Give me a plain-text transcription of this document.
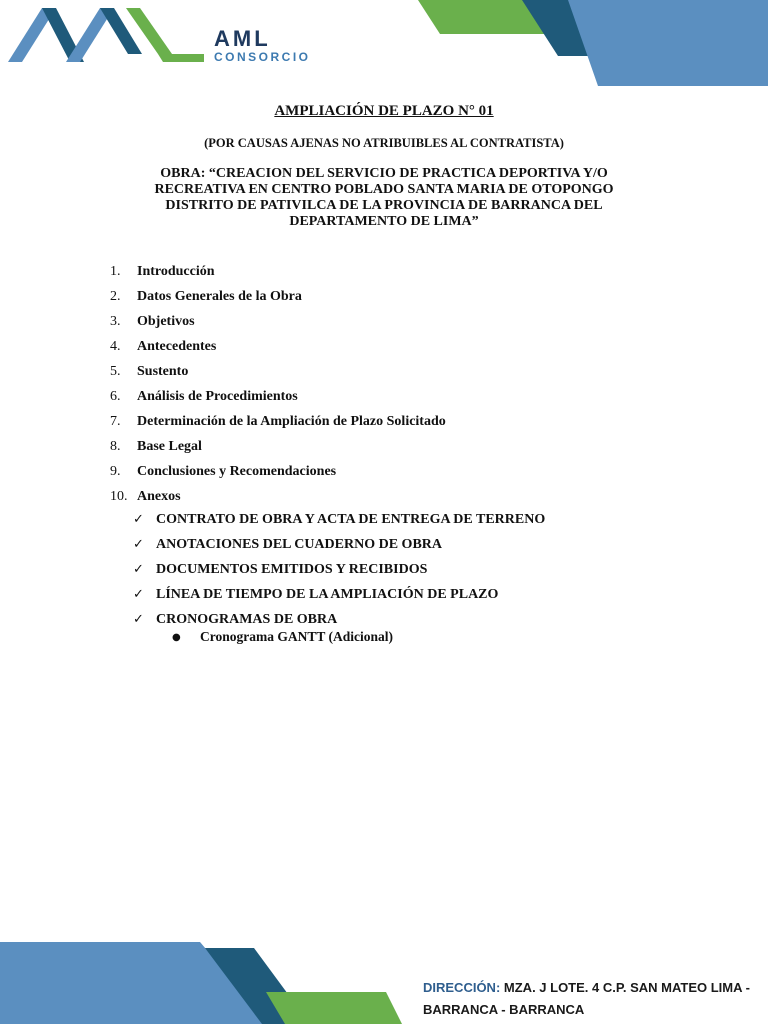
AML
CONSORCIO
AMPLIACIÓN DE PLAZO N° 01
(POR CAUSAS AJENAS NO ATRIBUIBLES AL CONTRATISTA)
OBRA: “CREACION DEL SERVICIO DE PRACTICA DEPORTIVA Y/O RECREATIVA EN CENTRO POBLADO SANTA MARIA DE OTOPONGO DISTRITO DE PATIVILCA DE LA PROVINCIA DE BARRANCA DEL DEPARTAMENTO DE LIMA”
1.	Introducción
2.	Datos Generales de la Obra
3.	Objetivos
4.	Antecedentes
5.	Sustento
6.	Análisis de Procedimientos
7.	Determinación de la Ampliación de Plazo Solicitado
8.	Base Legal
9.	Conclusiones y Recomendaciones
10. Anexos
✓ CONTRATO DE OBRA Y ACTA DE ENTREGA DE TERRENO
✓ ANOTACIONES DEL CUADERNO DE OBRA
✓ DOCUMENTOS EMITIDOS Y RECIBIDOS
✓ LÍNEA DE TIEMPO DE LA AMPLIACIÓN DE PLAZO
✓ CRONOGRAMAS DE OBRA
●	Cronograma GANTT (Adicional)
DIRECCIÓN: MZA. J LOTE. 4 C.P. SAN MATEO LIMA -
BARRANCA - BARRANCA
